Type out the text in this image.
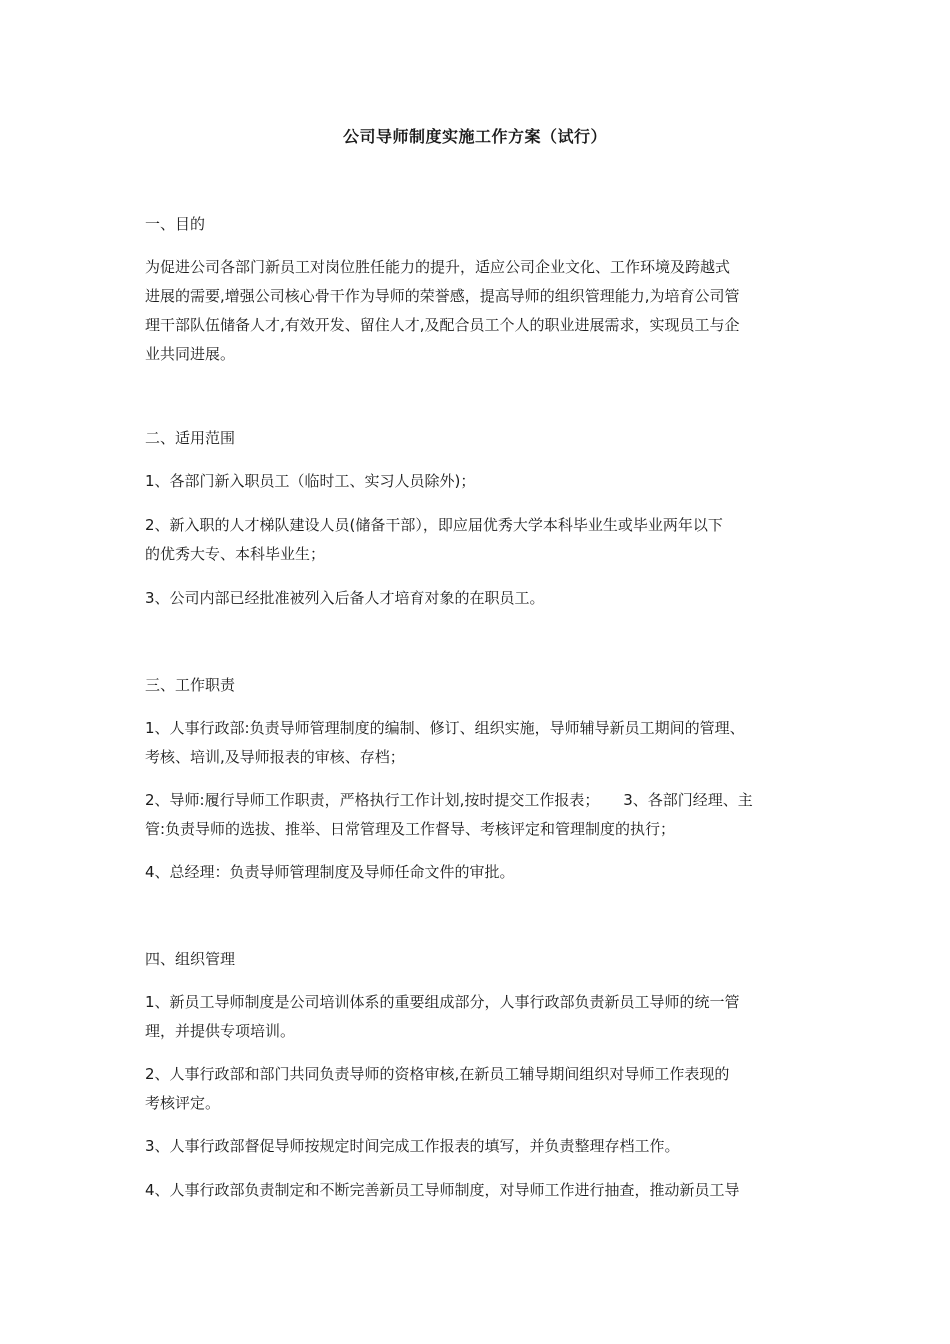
公司导师制度实施工作方案（试行）

一、目的

为促进公司各部门新员工对岗位胜任能力的提升，适应公司企业文化、工作环境及跨越式
进展的需要,增强公司核心骨干作为导师的荣誉感，提高导师的组织管理能力,为培育公司管
理干部队伍储备人才,有效开发、留住人才,及配合员工个人的职业进展需求，实现员工与企
业共同进展。

二、适用范围

1、各部门新入职员工（临时工、实习人员除外)；

2、新入职的人才梯队建设人员(储备干部），即应届优秀大学本科毕业生或毕业两年以下
的优秀大专、本科毕业生；

3、公司内部已经批准被列入后备人才培育对象的在职员工。

三、工作职责

1、人事行政部:负责导师管理制度的编制、修订、组织实施，导师辅导新员工期间的管理、
考核、培训,及导师报表的审核、存档；

2、导师:履行导师工作职责，严格执行工作计划,按时提交工作报表；     3、各部门经理、主
管:负责导师的选拔、推举、日常管理及工作督导、考核评定和管理制度的执行；

4、总经理：负责导师管理制度及导师任命文件的审批。

四、组织管理

1、新员工导师制度是公司培训体系的重要组成部分，人事行政部负责新员工导师的统一管
理，并提供专项培训。

2、人事行政部和部门共同负责导师的资格审核,在新员工辅导期间组织对导师工作表现的
考核评定。

3、人事行政部督促导师按规定时间完成工作报表的填写，并负责整理存档工作。

4、人事行政部负责制定和不断完善新员工导师制度，对导师工作进行抽查，推动新员工导
